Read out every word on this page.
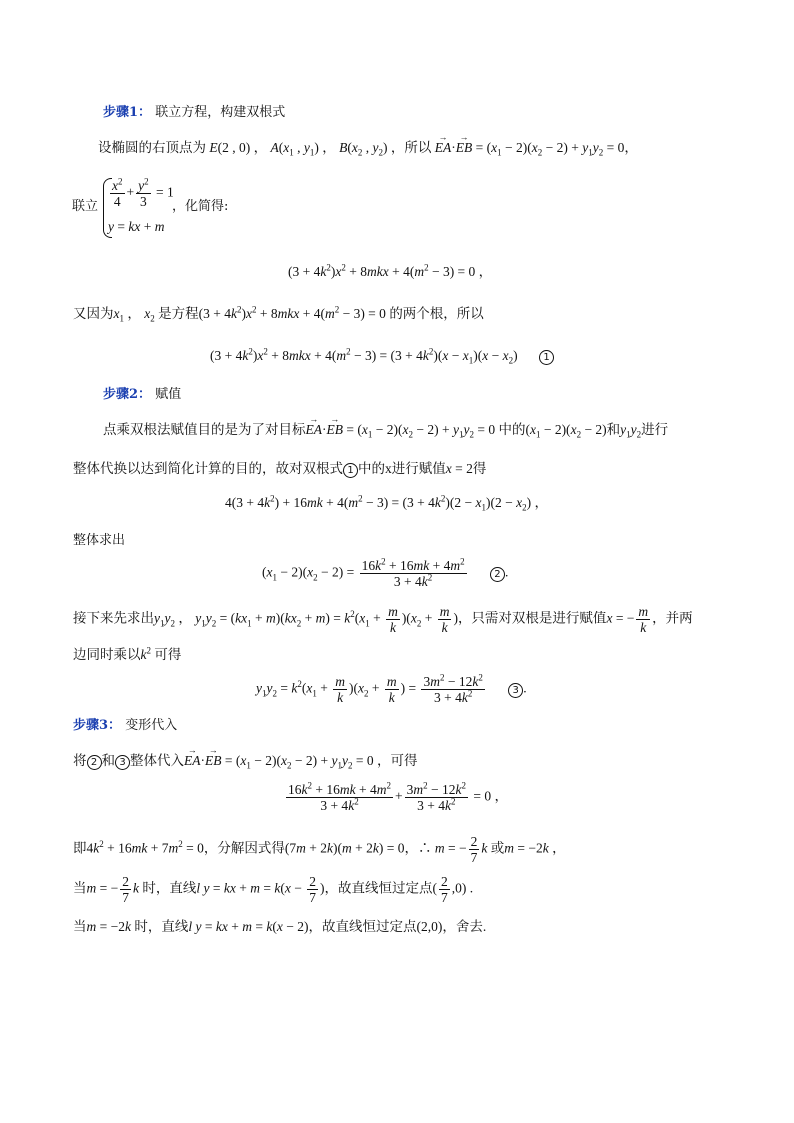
步骤1： 联立方程，构建双根式
设椭圆的右顶点为 E(2 , 0) ， $A(x_1$ , $y_1$) ， $B(x_2$ , $y_2$) ，所以 → EA·→ EB = $(x_1 - 2)(x_2 - 2) + y_1y_2 = 0$，
联立 $\frac{x^2}{4} + \frac{y^2}{3} = 1$
y = kx + m
，化简得:
$(3 + 4k^2)x^2 + 8mkx + 4(m^2 - 3) = 0$ ，
又因为$x_1$ ， $x_2$ 是方程$(3 + 4k^2)x^2 + 8mkx + 4(m^2 - 3) = 0$ 的两个根，所以
$(3 + 4k^2)x^2 + 8mkx + 4(m^2 - 3) = (3 + 4k^2)(x - x_1)(x - x_2)$ 1
步骤2： 赋值
点乘双根法赋值目的是为了对目标→ EA·→ EB = $(x_1 - 2)(x_2 - 2) + y_1y_2 = 0$ 中的$(x_1 - 2)(x_2 - 2)$和$y_1y_2$进行
整体代换以达到简化计算的目的，故对双根式 1 中的x进行赋值x = 2得
$4(3 + 4k^2) + 16mk + 4(m^2 - 3) = (3 + 4k^2)(2 - x_1)(2 - x_2)$ ，
整体求出
$(x_1 - 2)(x_2 - 2) = \frac{16k^2 + 16mk + 4m^2}{3 + 4k^2}$	2 .
接下来先求出$y_1y_2$ ， $y_1y_2 = (kx_1 + m)(kx_2 + m) = k^2(x_1 + \frac{m}{k} )(x_2 + \frac{m}{k}$ )，只需对双根是进行赋值x = − $\frac{m}{k}$ ，并两
边同时乘以$k^2$ 可得
$y_1y_2 = k^2(x_1 + \frac{m}{k} )(x_2 + \frac{m}{k}$ ) = $\frac{3m^2 - 12k^2}{3 + 4k^2}$	3 .
步骤3： 变形代入
将 2 和 3 整体代入→ EA·→ EB = $(x_1 - 2)(x_2 - 2) + y_1y_2 = 0$ ，可得
$\frac{16k^2 + 16mk + 4m^2}{3 + 4k^2} + \frac{3m^2 - 12k^2}{3 + 4k^2} = 0$ ，
即$4k^2 + 16mk + 7m^2 = 0$，分解因式得(7m + 2k)(m + 2k) = 0，∴ m = − $\frac{2}{7}$ k 或m = −2k ，
当m = − $\frac{2}{7}$ k 时，直线l y = kx + $m = k(x - \frac{2}{7}$ )，故直线恒过定点( $\frac{2}{7} ,0$) .
当m = −2k 时，直线l y = kx + m = k(x − 2)，故直线恒过定点(2,0)，舍去.
